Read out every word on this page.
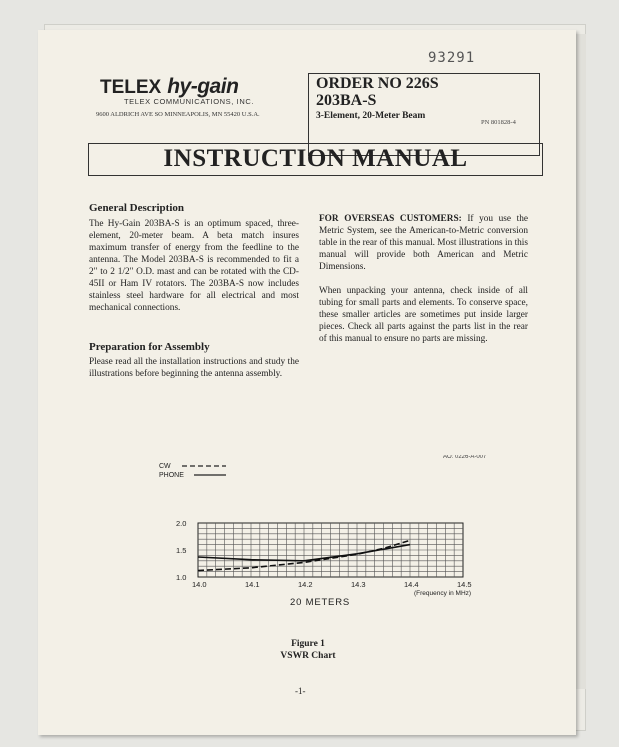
93291
TELEX hy-gain
TELEX COMMUNICATIONS, INC.
9600 ALDRICH AVE SO MINNEAPOLIS, MN 55420 U.S.A.
ORDER NO 226S
203BA-S
3-Element, 20-Meter Beam
PN 801828-4
INSTRUCTION MANUAL
General Description
The Hy-Gain 203BA-S is an optimum spaced, three-element, 20-meter beam. A beta match insures maximum transfer of energy from the feedline to the antenna. The Model 203BA-S is recommended to fit a 2" to 2 1/2" O.D. mast and can be rotated with the CD-45II or Ham IV rotators. The 203BA-S now includes stainless steel hardware for all electrical and most mechanical connections.
Preparation for Assembly
Please read all the installation instructions and study the illustrations before beginning the antenna assembly.
FOR OVERSEAS CUSTOMERS: If you use the Metric System, see the American-to-Metric conversion table in the rear of this manual. Most illustrations in this manual will provide both American and Metric Dimensions.
When unpacking your antenna, check inside of all tubing for small parts and elements. To conserve space, these smaller articles are sometimes put inside larger pieces. Check all parts against the parts list in the rear of this manual to ensure no parts are missing.
AO: 0226-A-007
CW
PHONE
14.0	14.1	14.2	14.3	14.4	14.5
2.0
1.5
1.0
20 METERS
(Frequency in MHz)
Figure 1
VSWR Chart
-1-
